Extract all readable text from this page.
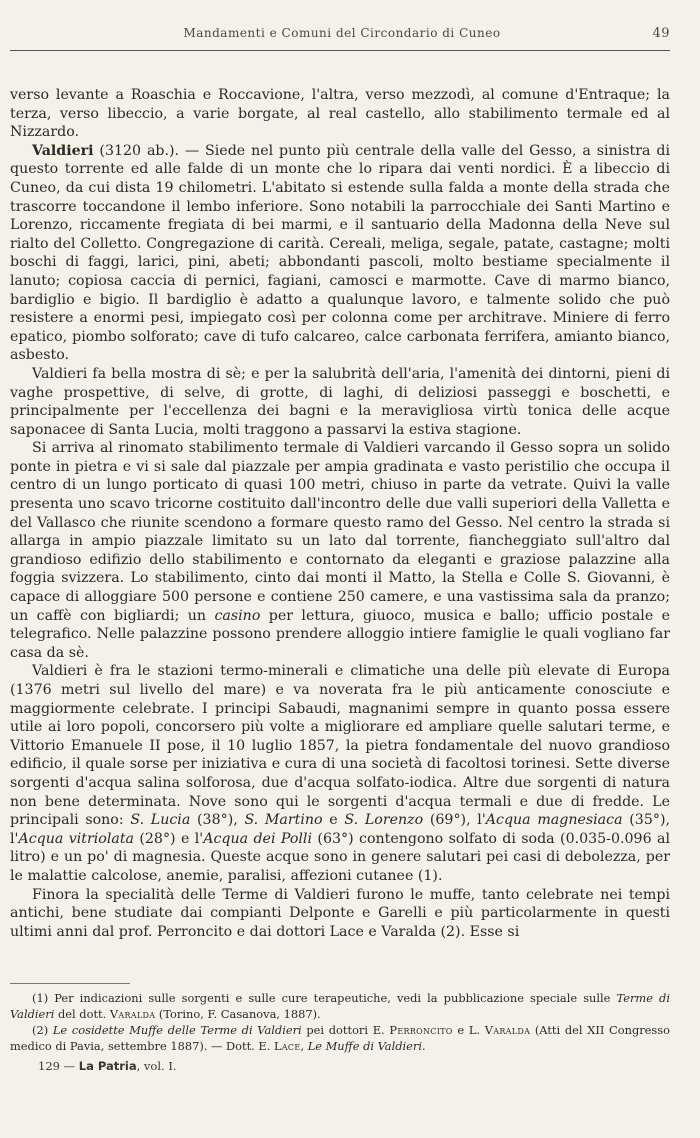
Mandamenti e Comuni del Circondario di Cuneo	49

verso levante a Roaschia e Roccavione, l'altra, verso mezzodì, al comune d'Entraque; la terza, verso libeccio, a varie borgate, al real castello, allo stabilimento termale ed al Nizzardo.

Valdieri (3120 ab.). — Siede nel punto più centrale della valle del Gesso, a sinistra di questo torrente ed alle falde di un monte che lo ripara dai venti nordici. È a libeccio di Cuneo, da cui dista 19 chilometri. L'abitato si estende sulla falda a monte della strada che trascorre toccandone il lembo inferiore. Sono notabili la parrocchiale dei Santi Martino e Lorenzo, riccamente fregiata di bei marmi, e il santuario della Madonna della Neve sul rialto del Colletto. Congregazione di carità. Cereali, meliga, segale, patate, castagne; molti boschi di faggi, larici, pini, abeti; abbondanti pascoli, molto bestiame specialmente il lanuto; copiosa caccia di pernici, fagiani, camosci e marmotte. Cave di marmo bianco, bardiglio e bigio. Il bardiglio è adatto a qualunque lavoro, e talmente solido che può resistere a enormi pesi, impiegato così per colonna come per architrave. Miniere di ferro epatico, piombo solforato; cave di tufo calcareo, calce carbonata ferrifera, amianto bianco, asbesto.

Valdieri fa bella mostra di sè; e per la salubrità dell'aria, l'amenità dei dintorni, pieni di vaghe prospettive, di selve, di grotte, di laghi, di deliziosi passeggi e boschetti, e principalmente per l'eccellenza dei bagni e la meravigliosa virtù tonica delle acque saponacee di Santa Lucia, molti traggono a passarvi la estiva stagione.

Si arriva al rinomato stabilimento termale di Valdieri varcando il Gesso sopra un solido ponte in pietra e vi si sale dal piazzale per ampia gradinata e vasto peristilio che occupa il centro di un lungo porticato di quasi 100 metri, chiuso in parte da vetrate. Quivi la valle presenta uno scavo tricorne costituito dall'incontro delle due valli superiori della Valletta e del Vallasco che riunite scendono a formare questo ramo del Gesso. Nel centro la strada si allarga in ampio piazzale limitato su un lato dal torrente, fiancheggiato sull'altro dal grandioso edifizio dello stabilimento e contornato da eleganti e graziose palazzine alla foggia svizzera. Lo stabilimento, cinto dai monti il Matto, la Stella e Colle S. Giovanni, è capace di alloggiare 500 persone e contiene 250 camere, e una vastissima sala da pranzo; un caffè con bigliardi; un casino per lettura, giuoco, musica e ballo; ufficio postale e telegrafico. Nelle palazzine possono prendere alloggio intiere famiglie le quali vogliano far casa da sè.

Valdieri è fra le stazioni termo-minerali e climatiche una delle più elevate di Europa (1376 metri sul livello del mare) e va noverata fra le più anticamente conosciute e maggiormente celebrate. I principi Sabaudi, magnanimi sempre in quanto possa essere utile ai loro popoli, concorsero più volte a migliorare ed ampliare quelle salutari terme, e Vittorio Emanuele II pose, il 10 luglio 1857, la pietra fondamentale del nuovo grandioso edificio, il quale sorse per iniziativa e cura di una società di facoltosi torinesi. Sette diverse sorgenti d'acqua salina solforosa, due d'acqua solfato-iodica. Altre due sorgenti di natura non bene determinata. Nove sono qui le sorgenti d'acqua termali e due di fredde. Le principali sono: S. Lucia (38°), S. Martino e S. Lorenzo (69°), l'Acqua magnesiaca (35°), l'Acqua vitriolata (28°) e l'Acqua dei Polli (63°) contengono solfato di soda (0.035-0.096 al litro) e un po' di magnesia. Queste acque sono in genere salutari pei casi di debolezza, per le malattie calcolose, anemie, paralisi, affezioni cutanee (1).

Finora la specialità delle Terme di Valdieri furono le muffe, tanto celebrate nei tempi antichi, bene studiate dai compianti Delponte e Garelli e più particolarmente in questi ultimi anni dal prof. Perroncito e dai dottori Lace e Varalda (2). Esse si

(1) Per indicazioni sulle sorgenti e sulle cure terapeutiche, vedi la pubblicazione speciale sulle Terme di Valdieri del dott. Varalda (Torino, F. Casanova, 1887).

(2) Le cosidette Muffe delle Terme di Valdieri pei dottori E. Perroncito e L. Varalda (Atti del XII Congresso medico di Pavia, settembre 1887). — Dott. E. Lace, Le Muffe di Valdieri.

129 — La Patria, vol. I.
